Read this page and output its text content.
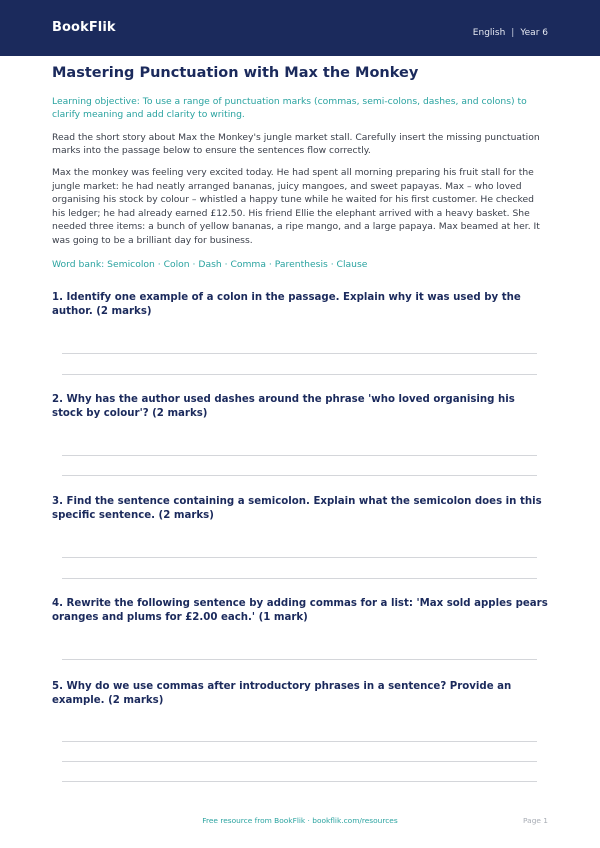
BookFlik	English | Year 6
Mastering Punctuation with Max the Monkey
Learning objective: To use a range of punctuation marks (commas, semi-colons, dashes, and colons) to clarify meaning and add clarity to writing.
Read the short story about Max the Monkey's jungle market stall. Carefully insert the missing punctuation marks into the passage below to ensure the sentences flow correctly.
Max the monkey was feeling very excited today. He had spent all morning preparing his fruit stall for the jungle market: he had neatly arranged bananas, juicy mangoes, and sweet papayas. Max – who loved organising his stock by colour – whistled a happy tune while he waited for his first customer. He checked his ledger; he had already earned £12.50. His friend Ellie the elephant arrived with a heavy basket. She needed three items: a bunch of yellow bananas, a ripe mango, and a large papaya. Max beamed at her. It was going to be a brilliant day for business.
Word bank: Semicolon · Colon · Dash · Comma · Parenthesis · Clause
1. Identify one example of a colon in the passage. Explain why it was used by the author. (2 marks)
2. Why has the author used dashes around the phrase 'who loved organising his stock by colour'? (2 marks)
3. Find the sentence containing a semicolon. Explain what the semicolon does in this specific sentence. (2 marks)
4. Rewrite the following sentence by adding commas for a list: 'Max sold apples pears oranges and plums for £2.00 each.' (1 mark)
5. Why do we use commas after introductory phrases in a sentence? Provide an example. (2 marks)
Free resource from BookFlik · bookflik.com/resources	Page 1
